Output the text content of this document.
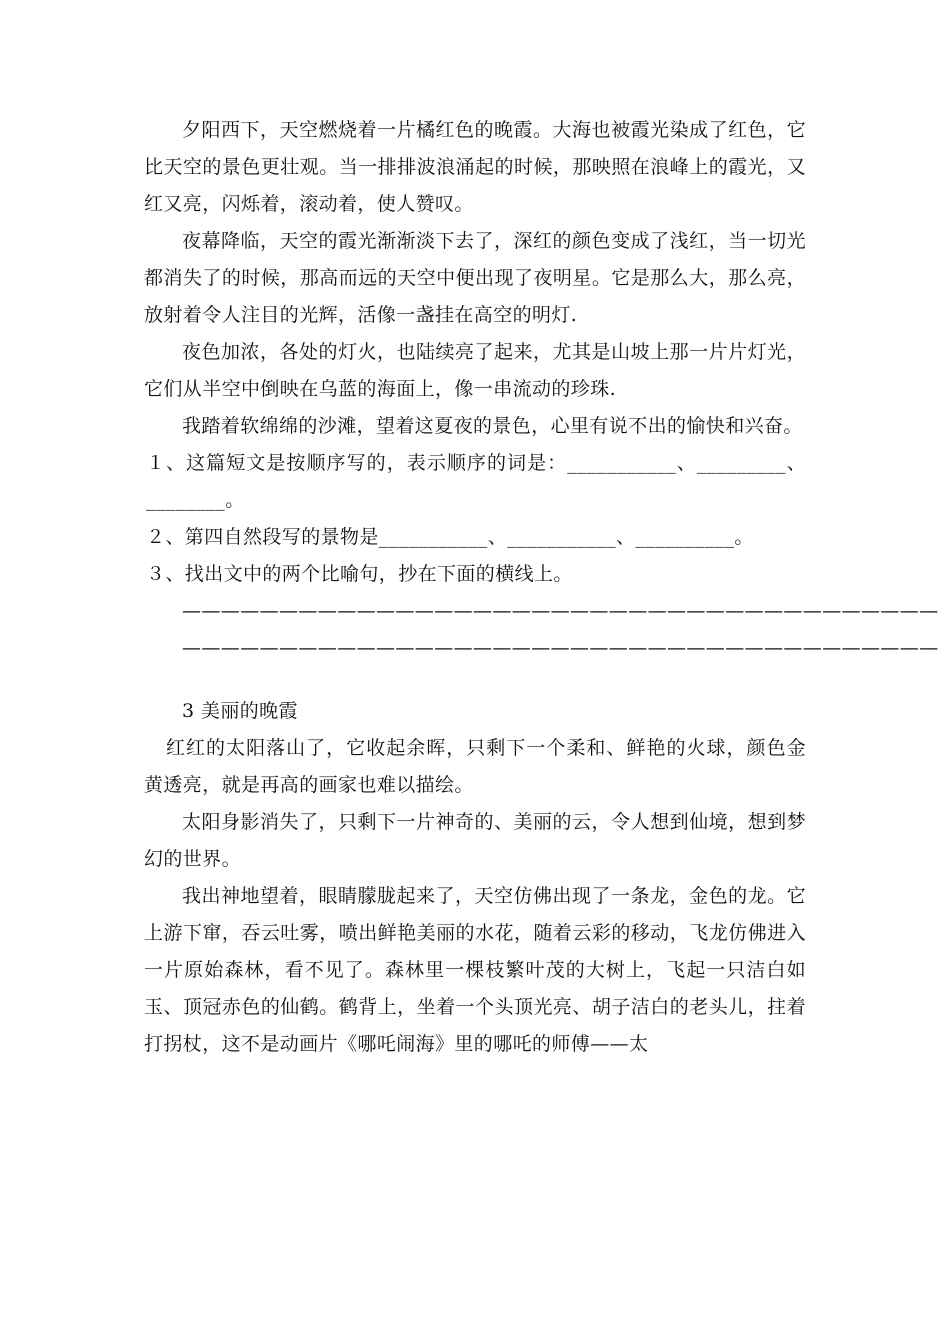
夕阳西下，天空燃烧着一片橘红色的晚霞。大海也被霞光染成了红色，它比天空的景色更壮观。当一排排波浪涌起的时候，那映照在浪峰上的霞光，又红又亮，闪烁着，滚动着，使人赞叹。

夜幕降临，天空的霞光渐渐淡下去了，深红的颜色变成了浅红，当一切光都消失了的时候，那高而远的天空中便出现了夜明星。它是那么大，那么亮，放射着令人注目的光辉，活像一盏挂在高空的明灯.

夜色加浓，各处的灯火，也陆续亮了起来，尤其是山坡上那一片片灯光，它们从半空中倒映在乌蓝的海面上，像一串流动的珍珠.

我踏着软绵绵的沙滩，望着这夏夜的景色，心里有说不出的愉快和兴奋。

１、这篇短文是按顺序写的，表示顺序的词是：___________、_________、________。

２、第四自然段写的景物是___________、___________、__________。

３、找出文中的两个比喻句，抄在下面的横线上。

———————————————————————————————————————

———————————————————————————————————————

3 美丽的晚霞

红红的太阳落山了，它收起余晖，只剩下一个柔和、鲜艳的火球，颜色金黄透亮，就是再高的画家也难以描绘。

太阳身影消失了，只剩下一片神奇的、美丽的云，令人想到仙境，想到梦幻的世界。

我出神地望着，眼睛朦胧起来了，天空仿佛出现了一条龙，金色的龙。它上游下窜，吞云吐雾，喷出鲜艳美丽的水花，随着云彩的移动，飞龙仿佛进入一片原始森林，看不见了。森林里一棵枝繁叶茂的大树上，飞起一只洁白如玉、顶冠赤色的仙鹤。鹤背上，坐着一个头顶光亮、胡子洁白的老头儿，拄着打拐杖，这不是动画片《哪吒闹海》里的哪吒的师傅——太
